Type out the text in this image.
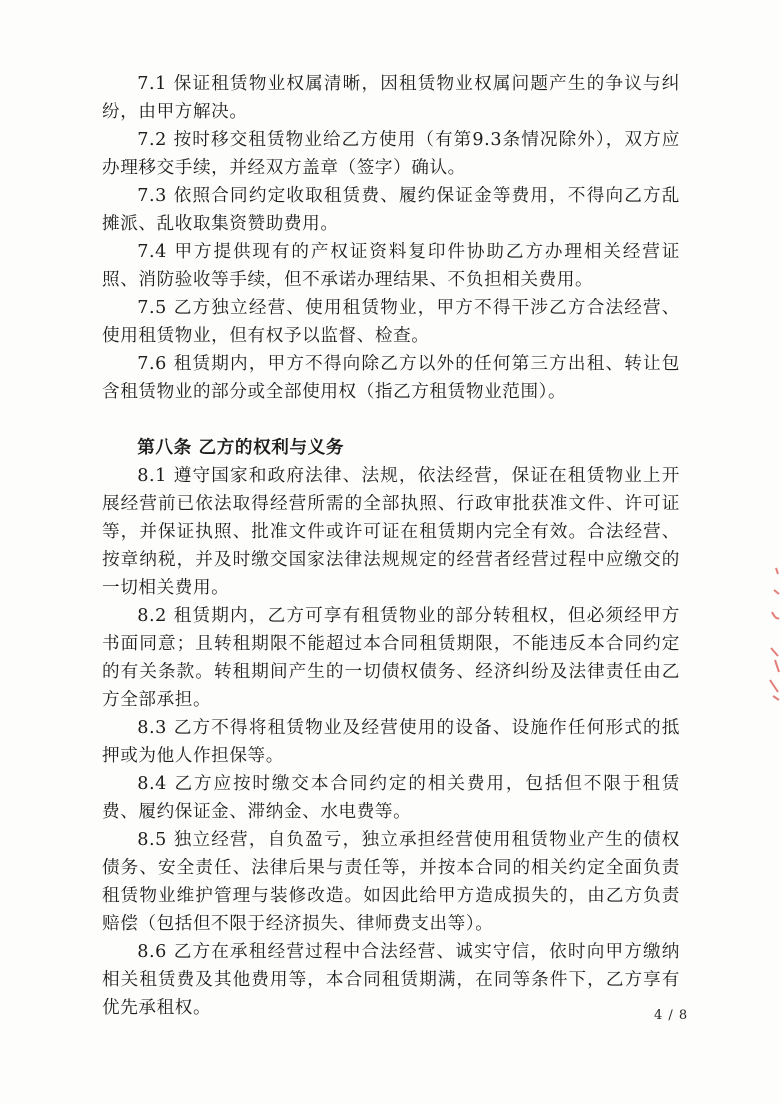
7.1 保证租赁物业权属清晰，因租赁物业权属问题产生的争议与纠纷，由甲方解决。

7.2 按时移交租赁物业给乙方使用（有第9.3条情况除外），双方应办理移交手续，并经双方盖章（签字）确认。

7.3 依照合同约定收取租赁费、履约保证金等费用，不得向乙方乱摊派、乱收取集资赞助费用。

7.4 甲方提供现有的产权证资料复印件协助乙方办理相关经营证照、消防验收等手续，但不承诺办理结果、不负担相关费用。

7.5 乙方独立经营、使用租赁物业，甲方不得干涉乙方合法经营、使用租赁物业，但有权予以监督、检查。

7.6 租赁期内，甲方不得向除乙方以外的任何第三方出租、转让包含租赁物业的部分或全部使用权（指乙方租赁物业范围）。

第八条 乙方的权利与义务

8.1 遵守国家和政府法律、法规，依法经营，保证在租赁物业上开展经营前已依法取得经营所需的全部执照、行政审批获准文件、许可证等，并保证执照、批准文件或许可证在租赁期内完全有效。合法经营、按章纳税，并及时缴交国家法律法规规定的经营者经营过程中应缴交的一切相关费用。

8.2 租赁期内，乙方可享有租赁物业的部分转租权，但必须经甲方书面同意；且转租期限不能超过本合同租赁期限，不能违反本合同约定的有关条款。转租期间产生的一切债权债务、经济纠纷及法律责任由乙方全部承担。

8.3 乙方不得将租赁物业及经营使用的设备、设施作任何形式的抵押或为他人作担保等。

8.4 乙方应按时缴交本合同约定的相关费用，包括但不限于租赁费、履约保证金、滞纳金、水电费等。

8.5 独立经营，自负盈亏，独立承担经营使用租赁物业产生的债权债务、安全责任、法律后果与责任等，并按本合同的相关约定全面负责租赁物业维护管理与装修改造。如因此给甲方造成损失的，由乙方负责赔偿（包括但不限于经济损失、律师费支出等）。

8.6 乙方在承租经营过程中合法经营、诚实守信，依时向甲方缴纳相关租赁费及其他费用等，本合同租赁期满，在同等条件下，乙方享有优先承租权。	4 / 8
